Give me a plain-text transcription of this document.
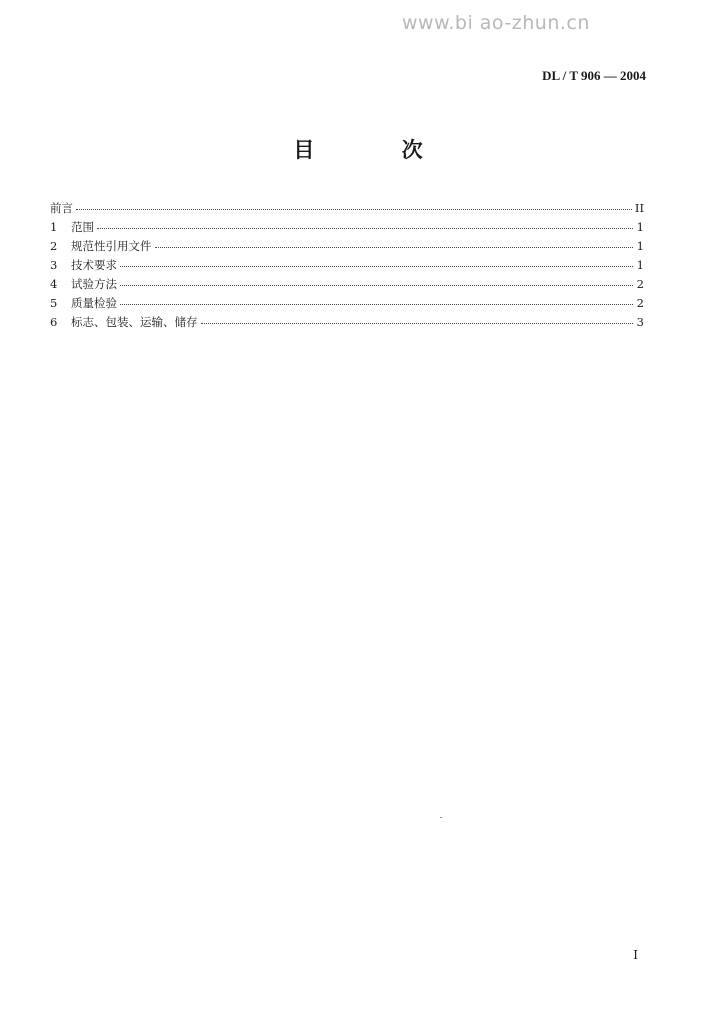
www.bi ao-zhun.cn
DL / T 906 — 2004
目 次
前言	II
1	范围	1
2	规范性引用文件	1
3	技术要求	1
4	试验方法	2
5	质量检验	2
6	标志、包装、运输、储存	3
I
